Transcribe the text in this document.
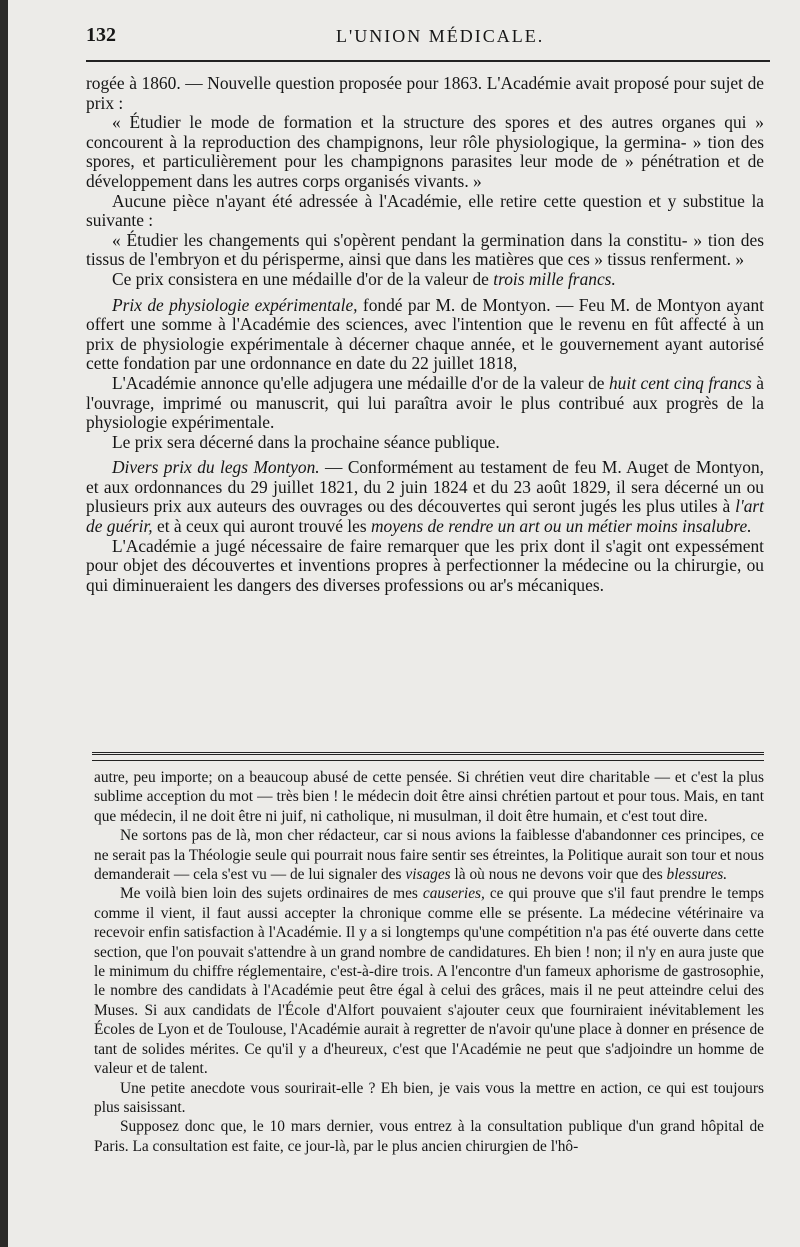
132	L'UNION MÉDICALE.

rogée à 1860. — Nouvelle question proposée pour 1863. L'Académie avait proposé pour sujet de prix :

« Étudier le mode de formation et la structure des spores et des autres organes qui » concourent à la reproduction des champignons, leur rôle physiologique, la germina- » tion des spores, et particulièrement pour les champignons parasites leur mode de » pénétration et de développement dans les autres corps organisés vivants. »

Aucune pièce n'ayant été adressée à l'Académie, elle retire cette question et y substitue la suivante :

« Étudier les changements qui s'opèrent pendant la germination dans la constitu- » tion des tissus de l'embryon et du périsperme, ainsi que dans les matières que ces » tissus renferment. »

Ce prix consistera en une médaille d'or de la valeur de trois mille francs.

Prix de physiologie expérimentale, fondé par M. de Montyon. — Feu M. de Montyon ayant offert une somme à l'Académie des sciences, avec l'intention que le revenu en fût affecté à un prix de physiologie expérimentale à décerner chaque année, et le gouvernement ayant autorisé cette fondation par une ordonnance en date du 22 juillet 1818,

L'Académie annonce qu'elle adjugera une médaille d'or de la valeur de huit cent cinq francs à l'ouvrage, imprimé ou manuscrit, qui lui paraîtra avoir le plus contribué aux progrès de la physiologie expérimentale.

Le prix sera décerné dans la prochaine séance publique.

Divers prix du legs Montyon. — Conformément au testament de feu M. Auget de Montyon, et aux ordonnances du 29 juillet 1821, du 2 juin 1824 et du 23 août 1829, il sera décerné un ou plusieurs prix aux auteurs des ouvrages ou des découvertes qui seront jugés les plus utiles à l'art de guérir, et à ceux qui auront trouvé les moyens de rendre un art ou un métier moins insalubre.

L'Académie a jugé nécessaire de faire remarquer que les prix dont il s'agit ont expessément pour objet des découvertes et inventions propres à perfectionner la médecine ou la chirurgie, ou qui diminueraient les dangers des diverses professions ou ar's mécaniques.

autre, peu importe; on a beaucoup abusé de cette pensée. Si chrétien veut dire charitable — et c'est la plus sublime acception du mot — très bien ! le médecin doit être ainsi chrétien partout et pour tous. Mais, en tant que médecin, il ne doit être ni juif, ni catholique, ni musulman, il doit être humain, et c'est tout dire.

Ne sortons pas de là, mon cher rédacteur, car si nous avions la faiblesse d'abandonner ces principes, ce ne serait pas la Théologie seule qui pourrait nous faire sentir ses étreintes, la Politique aurait son tour et nous demanderait — cela s'est vu — de lui signaler des visages là où nous ne devons voir que des blessures.

Me voilà bien loin des sujets ordinaires de mes causeries, ce qui prouve que s'il faut prendre le temps comme il vient, il faut aussi accepter la chronique comme elle se présente. La médecine vétérinaire va recevoir enfin satisfaction à l'Académie. Il y a si longtemps qu'une compétition n'a pas été ouverte dans cette section, que l'on pouvait s'attendre à un grand nombre de candidatures. Eh bien ! non; il n'y en aura juste que le minimum du chiffre réglementaire, c'est-à-dire trois. A l'encontre d'un fameux aphorisme de gastrosophie, le nombre des candidats à l'Académie peut être égal à celui des grâces, mais il ne peut atteindre celui des Muses. Si aux candidats de l'École d'Alfort pouvaient s'ajouter ceux que fourniraient inévitablement les Écoles de Lyon et de Toulouse, l'Académie aurait à regretter de n'avoir qu'une place à donner en présence de tant de solides mérites. Ce qu'il y a d'heureux, c'est que l'Académie ne peut que s'adjoindre un homme de valeur et de talent.

Une petite anecdote vous sourirait-elle ? Eh bien, je vais vous la mettre en action, ce qui est toujours plus saisissant.

Supposez donc que, le 10 mars dernier, vous entrez à la consultation publique d'un grand hôpital de Paris. La consultation est faite, ce jour-là, par le plus ancien chirurgien de l'hô-
